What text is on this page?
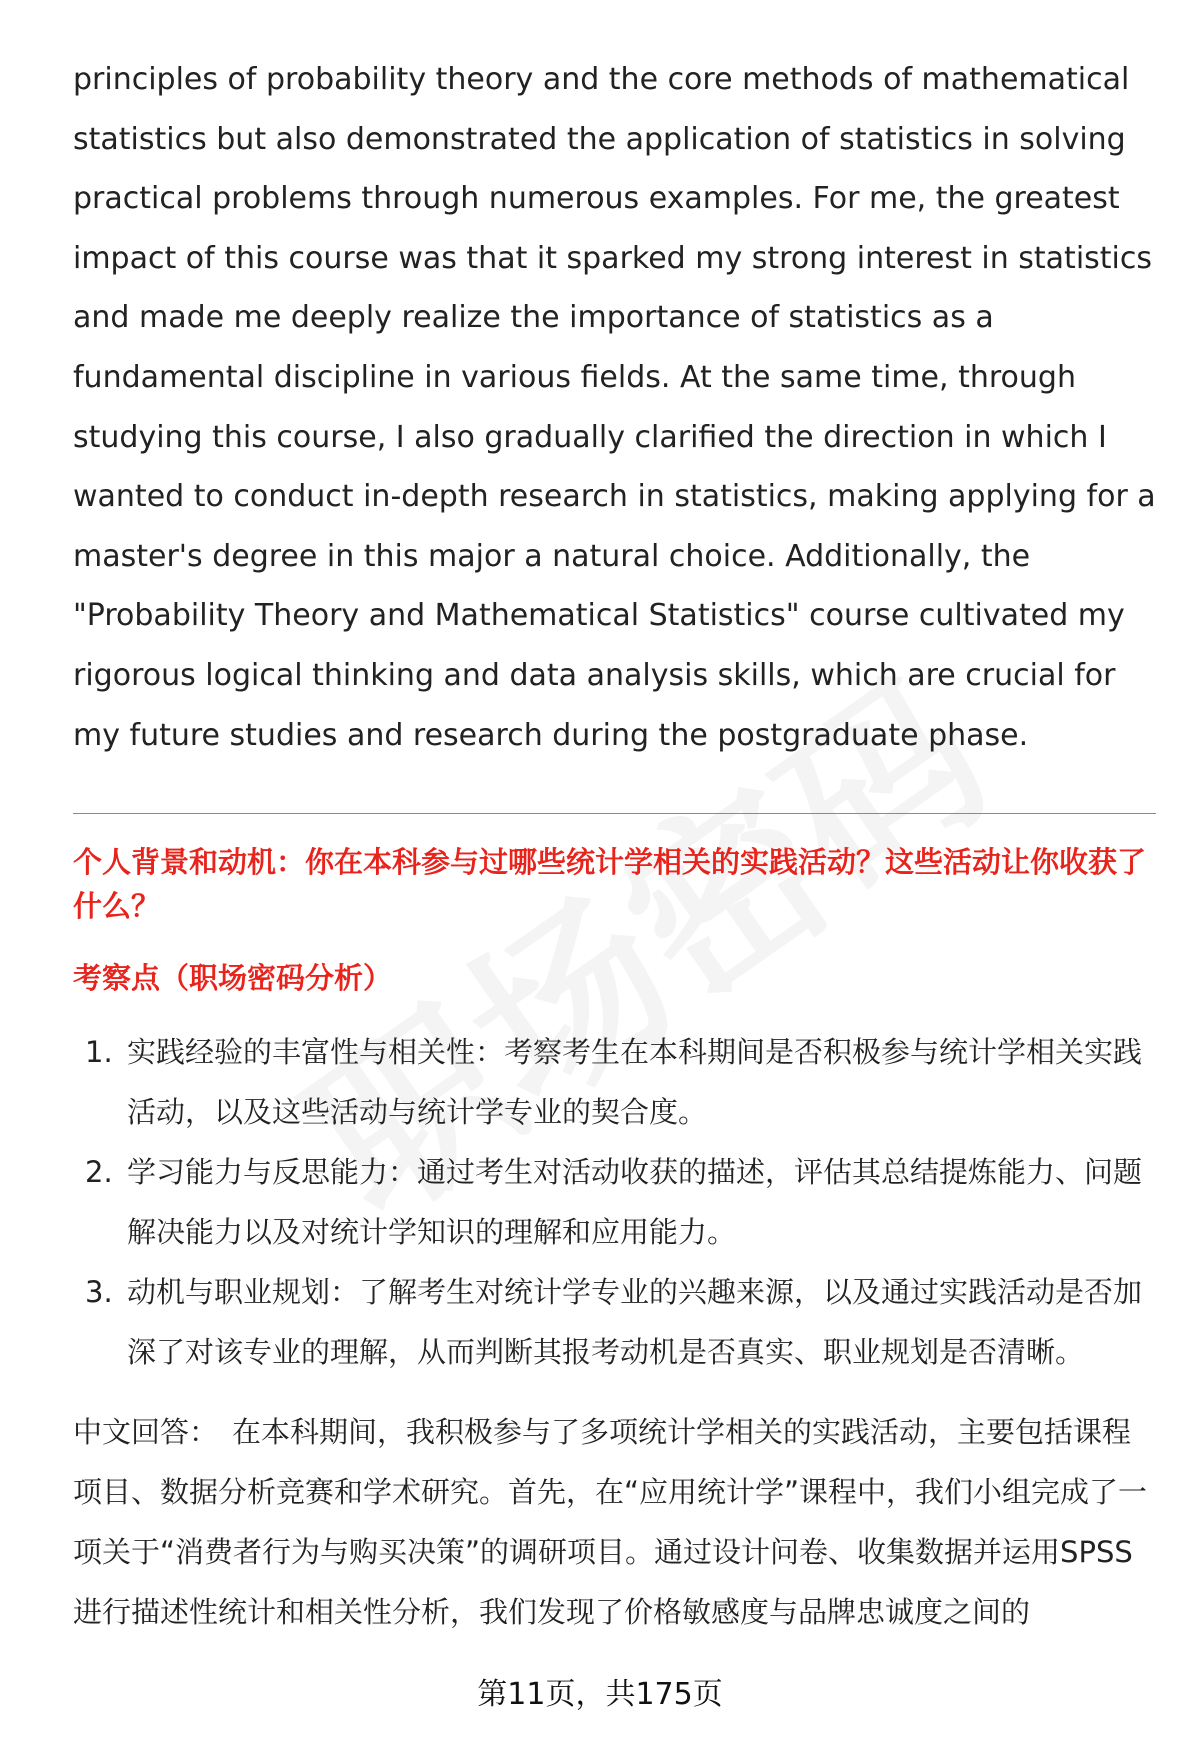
principles of probability theory and the core methods of mathematical statistics but also demonstrated the application of statistics in solving practical problems through numerous examples. For me, the greatest impact of this course was that it sparked my strong interest in statistics and made me deeply realize the importance of statistics as a fundamental discipline in various fields. At the same time, through studying this course, I also gradually clarified the direction in which I wanted to conduct in-depth research in statistics, making applying for a master's degree in this major a natural choice. Additionally, the "Probability Theory and Mathematical Statistics" course cultivated my rigorous logical thinking and data analysis skills, which are crucial for my future studies and research during the postgraduate phase.

个人背景和动机：你在本科参与过哪些统计学相关的实践活动？这些活动让你收获了什么？

考察点（职场密码分析）

1. 实践经验的丰富性与相关性：考察考生在本科期间是否积极参与统计学相关实践活动，以及这些活动与统计学专业的契合度。
2. 学习能力与反思能力：通过考生对活动收获的描述，评估其总结提炼能力、问题解决能力以及对统计学知识的理解和应用能力。
3. 动机与职业规划：了解考生对统计学专业的兴趣来源，以及通过实践活动是否加深了对该专业的理解，从而判断其报考动机是否真实、职业规划是否清晰。

中文回答： 在本科期间，我积极参与了多项统计学相关的实践活动，主要包括课程项目、数据分析竞赛和学术研究。首先，在“应用统计学”课程中，我们小组完成了一项关于“消费者行为与购买决策”的调研项目。通过设计问卷、收集数据并运用SPSS进行描述性统计和相关性分析，我们发现了价格敏感度与品牌忠诚度之间的

第11页，共175页
